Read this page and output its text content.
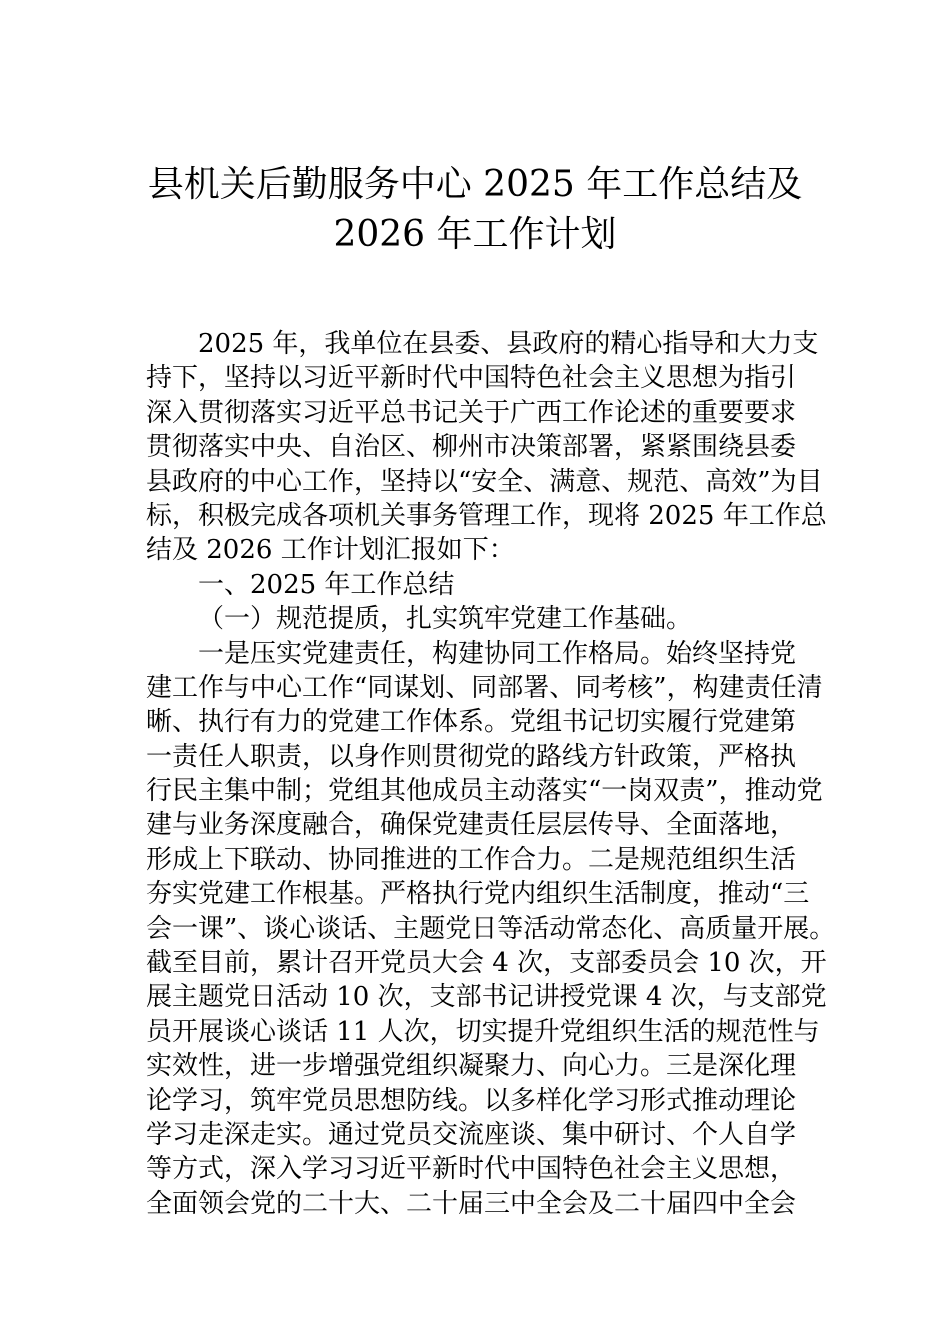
县机关后勤服务中心 2025 年工作总结及
2026 年工作计划
2025 年，我单位在县委、县政府的精心指导和大力支
持下，坚持以习近平新时代中国特色社会主义思想为指引
深入贯彻落实习近平总书记关于广西工作论述的重要要求
贯彻落实中央、自治区、柳州市决策部署，紧紧围绕县委
县政府的中心工作，坚持以“安全、满意、规范、高效”为目
标，积极完成各项机关事务管理工作，现将 2025 年工作总
结及 2026 工作计划汇报如下：
一、2025 年工作总结
（一）规范提质，扎实筑牢党建工作基础。
一是压实党建责任，构建协同工作格局。始终坚持党
建工作与中心工作“同谋划、同部署、同考核”，构建责任清
晰、执行有力的党建工作体系。党组书记切实履行党建第
一责任人职责，以身作则贯彻党的路线方针政策，严格执
行民主集中制；党组其他成员主动落实“一岗双责”，推动党
建与业务深度融合，确保党建责任层层传导、全面落地，
形成上下联动、协同推进的工作合力。二是规范组织生活
夯实党建工作根基。严格执行党内组织生活制度，推动“三
会一课”、谈心谈话、主题党日等活动常态化、高质量开展。
截至目前，累计召开党员大会 4 次，支部委员会 10 次，开
展主题党日活动 10 次，支部书记讲授党课 4 次，与支部党
员开展谈心谈话 11 人次，切实提升党组织生活的规范性与
实效性，进一步增强党组织凝聚力、向心力。三是深化理
论学习，筑牢党员思想防线。以多样化学习形式推动理论
学习走深走实。通过党员交流座谈、集中研讨、个人自学
等方式，深入学习习近平新时代中国特色社会主义思想，
全面领会党的二十大、二十届三中全会及二十届四中全会
